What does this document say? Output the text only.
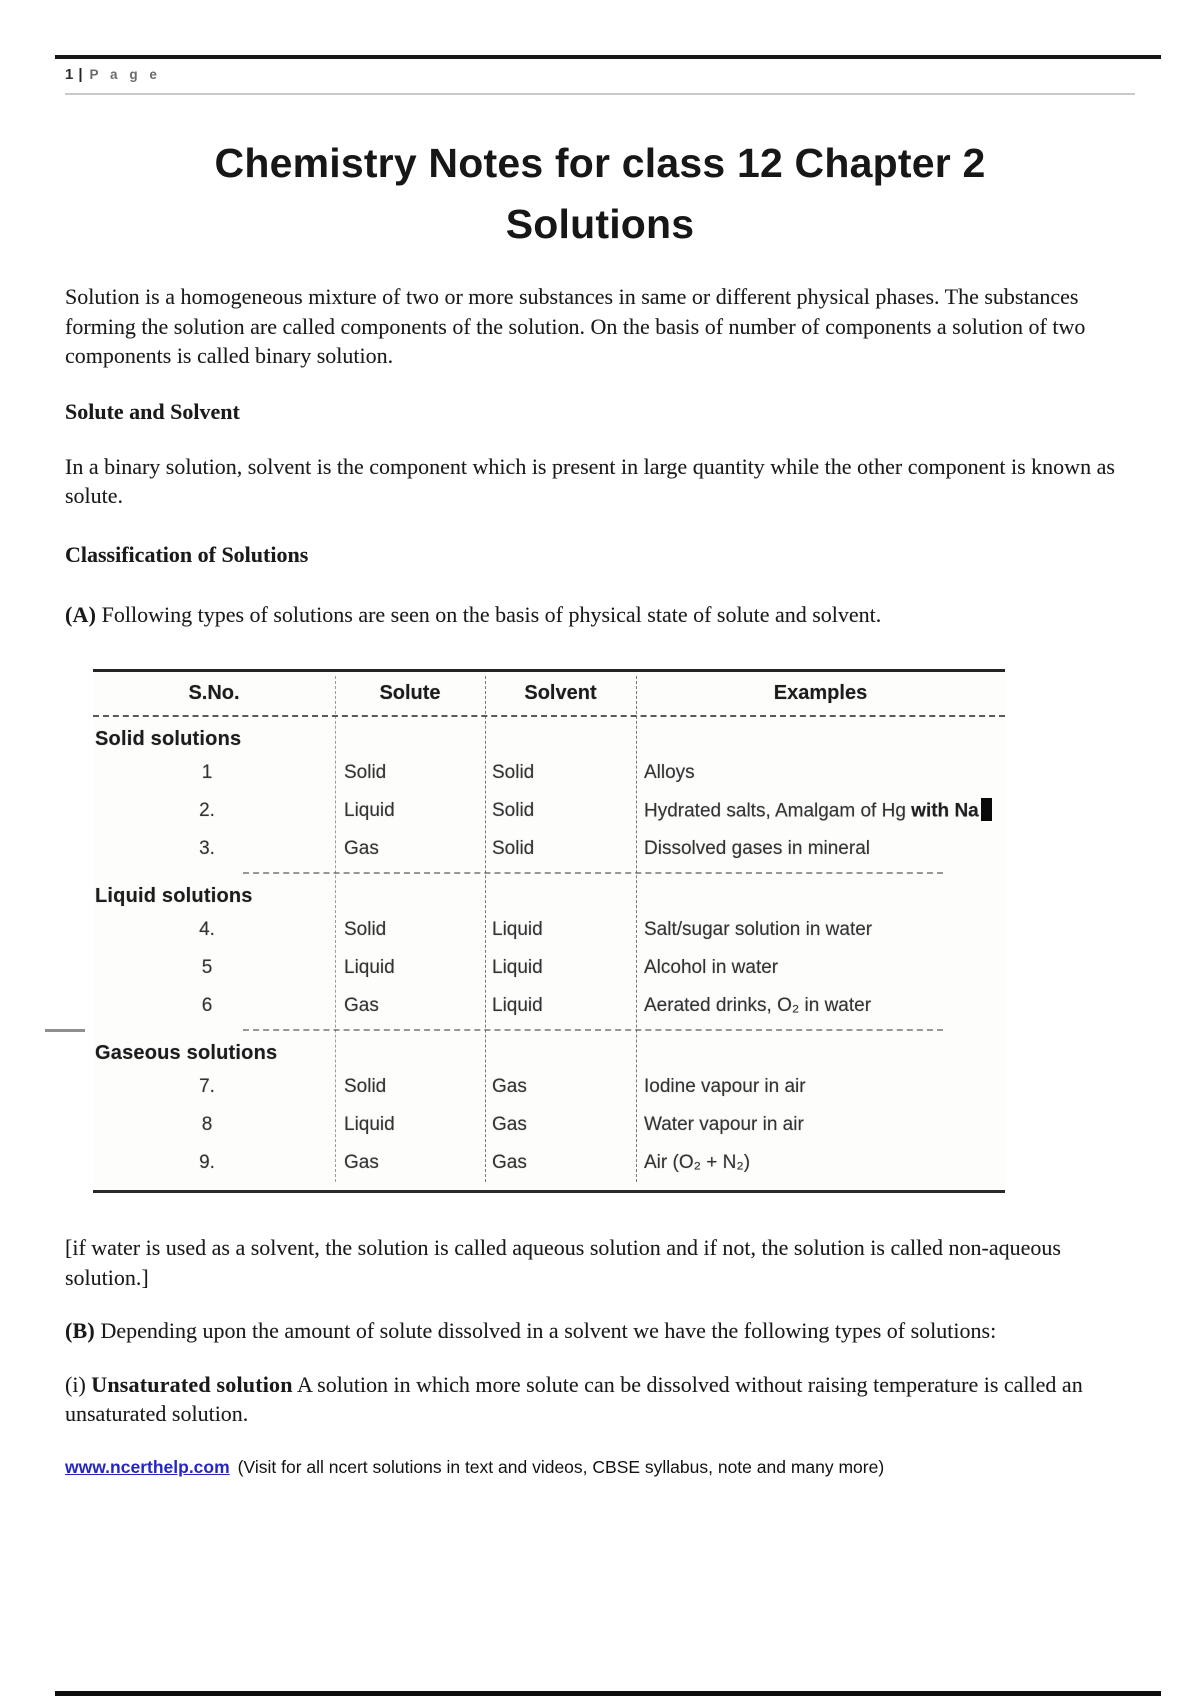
1 | P a g e
Chemistry Notes for class 12 Chapter 2
Solutions

Solution is a homogeneous mixture of two or more substances in same or different physical phases. The substances forming the solution are called components of the solution. On the basis of number of components a solution of two components is called binary solution.

Solute and Solvent

In a binary solution, solvent is the component which is present in large quantity while the other component is known as solute.

Classification of Solutions

(A) Following types of solutions are seen on the basis of physical state of solute and solvent.

S.No.	Solute	Solvent	Examples
Solid solutions
1	Solid	Solid	Alloys
2.	Liquid	Solid	Hydrated salts, Amalgam of Hg with Na
3.	Gas	Solid	Dissolved gases in mineral
Liquid solutions
4.	Solid	Liquid	Salt/sugar solution in water
5	Liquid	Liquid	Alcohol in water
6	Gas	Liquid	Aerated drinks, O₂ in water
Gaseous solutions
7.	Solid	Gas	Iodine vapour in air
8	Liquid	Gas	Water vapour in air
9.	Gas	Gas	Air (O₂ + N₂)

[if water is used as a solvent, the solution is called aqueous solution and if not, the solution is called non-aqueous solution.]

(B) Depending upon the amount of solute dissolved in a solvent we have the following types of solutions:

(i) Unsaturated solution A solution in which more solute can be dissolved without raising temperature is called an unsaturated solution.

www.ncerthelp.com (Visit for all ncert solutions in text and videos, CBSE syllabus, note and many more)
